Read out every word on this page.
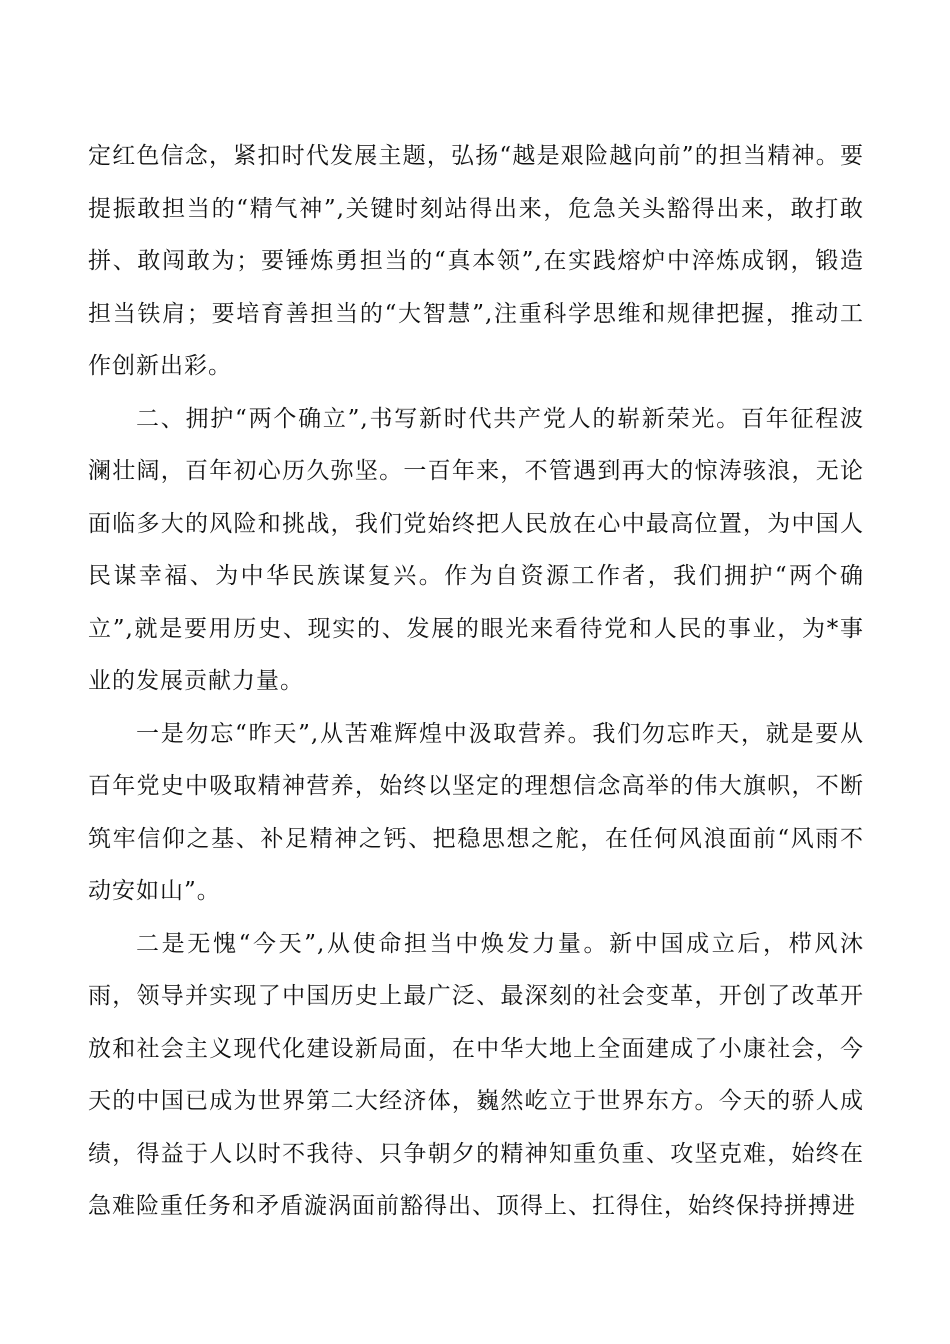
定红色信念，紧扣时代发展主题，弘扬“越是艰险越向前”的担当精神。要提振敢担当的“精气神”,关键时刻站得出来，危急关头豁得出来，敢打敢拼、敢闯敢为；要锤炼勇担当的“真本领”,在实践熔炉中淬炼成钢，锻造担当铁肩；要培育善担当的“大智慧”,注重科学思维和规律把握，推动工作创新出彩。

二、拥护“两个确立”,书写新时代共产党人的崭新荣光。百年征程波澜壮阔，百年初心历久弥坚。一百年来，不管遇到再大的惊涛骇浪，无论面临多大的风险和挑战，我们党始终把人民放在心中最高位置，为中国人民谋幸福、为中华民族谋复兴。作为自资源工作者，我们拥护“两个确立”,就是要用历史、现实的、发展的眼光来看待党和人民的事业，为*事业的发展贡献力量。

一是勿忘“昨天”,从苦难辉煌中汲取营养。我们勿忘昨天，就是要从百年党史中吸取精神营养，始终以坚定的理想信念高举的伟大旗帜，不断筑牢信仰之基、补足精神之钙、把稳思想之舵，在任何风浪面前“风雨不动安如山”。

二是无愧“今天”,从使命担当中焕发力量。新中国成立后，栉风沐雨，领导并实现了中国历史上最广泛、最深刻的社会变革，开创了改革开放和社会主义现代化建设新局面，在中华大地上全面建成了小康社会，今天的中国已成为世界第二大经济体，巍然屹立于世界东方。今天的骄人成绩，得益于人以时不我待、只争朝夕的精神知重负重、攻坚克难，始终在急难险重任务和矛盾漩涡面前豁得出、顶得上、扛得住，始终保持拼搏进
